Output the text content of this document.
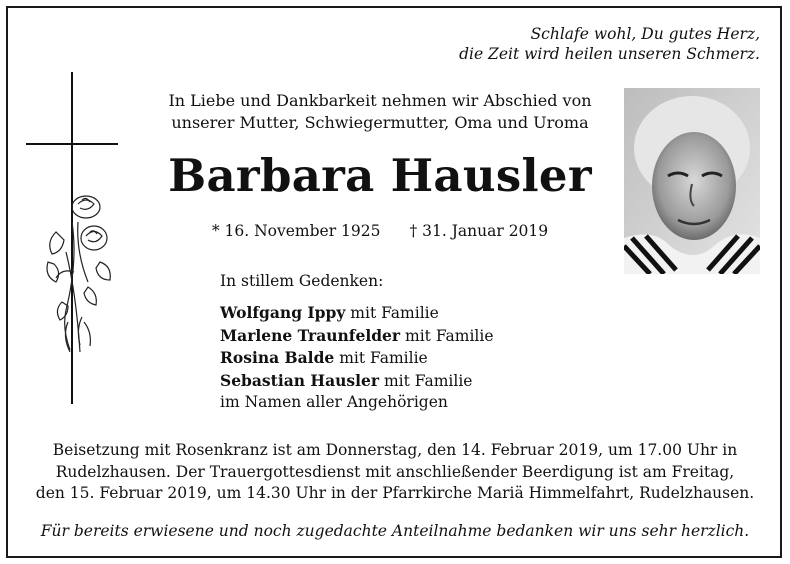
Schlafe wohl, Du gutes Herz,
die Zeit wird heilen unseren Schmerz.
In Liebe und Dankbarkeit nehmen wir Abschied von
unserer Mutter, Schwiegermutter, Oma und Uroma
Barbara Hausler
* 16. November 1925 † 31. Januar 2019
In stillem Gedenken:
Wolfgang Ippy mit Familie
Marlene Traunfelder mit Familie
Rosina Balde mit Familie
Sebastian Hausler mit Familie
im Namen aller Angehörigen
Beisetzung mit Rosenkranz ist am Donnerstag, den 14. Februar 2019, um 17.00 Uhr in
Rudelzhausen. Der Trauergottesdienst mit anschließender Beerdigung ist am Freitag,
den 15. Februar 2019, um 14.30 Uhr in der Pfarrkirche Mariä Himmelfahrt, Rudelzhausen.
Für bereits erwiesene und noch zugedachte Anteilnahme bedanken wir uns sehr herzlich.
